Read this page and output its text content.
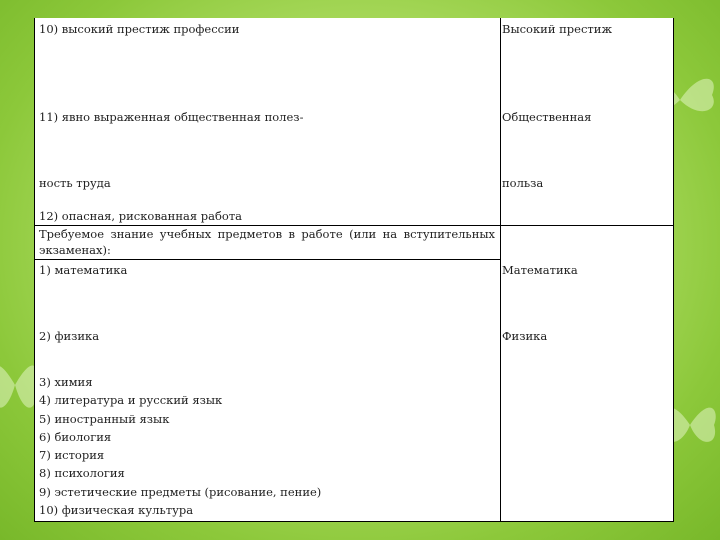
10) высокий престиж профессии	Высокий престиж
11) явно выраженная общественная полез-	Общественная
ность труда	польза
12) опасная, рискованная работа
Требуемое знание учебных предметов в работе (или на вступительных
экзаменах):
1) математика	Математика
2) физика	Физика
3) химия
4) литература и русский язык
5) иностранный язык
6) биология
7) история
8) психология
9) эстетические предметы (рисование, пение)
10) физическая культура
